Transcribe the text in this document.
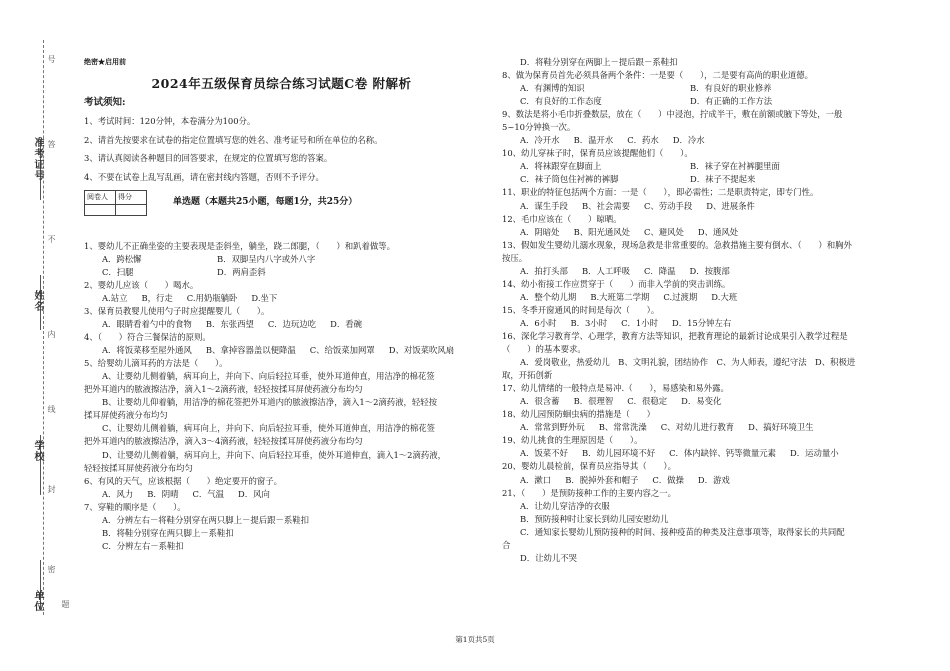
准考证号
姓名
学校
单位
号
答
不
内
线
封
密
题
绝密★启用前
2024年五级保育员综合练习试题C卷 附解析
考试须知:
1、考试时间：120分钟，本卷满分为100分。
2、请首先按要求在试卷的指定位置填写您的姓名、准考证号和所在单位的名称。
3、请认真阅读各种题目的回答要求，在规定的位置填写您的答案。
4、不要在试卷上乱写乱画，请在密封线内答题，否则不予评分。
阅卷人	得分

单选题（本题共25小题，每题1分，共25分）
1、婴幼儿不正确坐姿的主要表现是歪斜坐，躺坐，跷二郎腿，（　　）和趴着做等。
A．跨松懈	B．双脚呈内八字或外八字
C．扫腿	D．两肩歪斜
2、婴幼儿应该（　　）喝水。
A.站立 B，行走 C.用奶瓶躺卧 D.坐下
3、保育员教婴儿使用勺子时应提醒婴儿（　　）。
A．眼睛看着勺中的食物 B．东张西望 C．边玩边吃 D．看碗
4、（　　）符合三餐保洁的原则。
A．将饭菜移至屋外通风 B、拿掉容器盖以便降温 C、给饭菜加网罩 D、对饭菜吹风扇
5、给婴幼儿滴耳药的方法是（　　）。
A、让婴幼儿侧着躺，病耳向上，并向下、向后轻拉耳垂，使外耳道伸直，用洁净的棉花签
把外耳道内的脓液擦洁净，滴入1～2滴药液，轻轻按揉耳屏使药液分布均匀
B、让婴幼儿仰着躺，用洁净的棉花签把外耳道内的脓液擦洁净，滴入1～2滴药液，轻轻按
揉耳屏使药液分布均匀
C、让婴幼儿侧着躺，病耳向上，并向下、向后轻拉耳垂，使外耳道伸直，用洁净的棉花签
把外耳道内的脓液擦洁净，滴入3～4滴药液，轻轻按揉耳屏使药液分布均匀
D、让婴幼儿侧着躺，病耳向上，并向下、向后轻拉耳垂，使外耳道伸直，滴入1～2滴药液，
轻轻按揉耳屏使药液分布均匀
6、有风的天气，应该根据（　　）绝定要开的窗子。
A．风力 B．阴晴 C．气温 D．风向
7、穿鞋的顺序是（　　）。
A．分辨左右－将鞋分别穿在两只脚上－提后跟－系鞋扣
B．将鞋分别穿在两只脚上－系鞋扣
C．分辨左右－系鞋扣
D．将鞋分别穿在两脚上－提后跟－系鞋扣
8、做为保育员首先必须具备两个条件：一是要（　　），二是要有高尚的职业道德。
A．有渊博的知识	B．有良好的职业修养
C．有良好的工作态度	D．有正确的工作方法
9、数法是将小毛巾折叠数层，放在（　　）中浸泡，拧成半干，敷在前额或腋下等处，一般
5~10分钟换一次。
A．冷开水 B．温开水 C．药水 D．冷水
10、幼儿穿袜子时，保育员应该提醒他们（　　）。
A．将袜跟穿在脚面上	B．袜子穿在衬裤腿里面
C．袜子筒包住衬裤的裤脚	D．袜子不提起来
11、职业的特征包括两个方面：一是（　　），即必需性；二是职责特定，即专门性。
A．谋生手段 B、社会需要 C、劳动手段 D、进展条件
12、毛巾应该在（　　）晾晒。
A．阴暗处 B、阳光通风处 C、避风处 D、通风处
13、假如发生婴幼儿溺水现象，现场急救是非常重要的。急救措施主要有倒水、（　　）和胸外
按压。
A．拍打头部 B．人工呼吸 C．降温 D．按腹部
14、幼小衔接工作应贯穿于（　　）而非入学前的突击训练。
A．整个幼儿期 B.大班第二学期 C.过渡期 D.大班
15、冬季开窗通风的时间是每次（　　）。
A．6小时 B．3小时 C．1小时 D．15分钟左右
16、深化学习教育学、心理学，教育方法等知识，把教育理论的最新讨论成果引入教学过程是
（　　）的基本要求。
A．爱岗敬业，热爱幼儿　B、文明礼貌，团结协作　C、为人师表，遵纪守法　D、积极进
取，开拓创新
17、幼儿情绪的一般特点是易冲.（　　），易感染和易外露。
A．很含蓄 B．很理智 C．很稳定 D．易变化
18、幼儿园预防蛔虫病的措施是（　　）
A．常常到野外玩 B、常常洗澡 C、对幼儿进行教育 D、搞好环境卫生
19、幼儿挑食的生理原因是（　　）。
A．饭菜不好 B．幼儿园环境不好 C．体内缺锌、钙等微量元素 D．运动量小
20、婴幼儿晨检前，保育员应指导其（　　）。
A．漱口 B．脱掉外套和帽子 C．做操 D．游戏
21、（　　）是预防接种工作的主要内容之一。
A．让幼儿穿洁净的衣服
B．预防接种时让家长到幼儿园安慰幼儿
C．通知家长婴幼儿预防接种的时间、接种疫苗的种类及注意事项等，取得家长的共同配
合
D．让幼儿不哭
第1页共5页
